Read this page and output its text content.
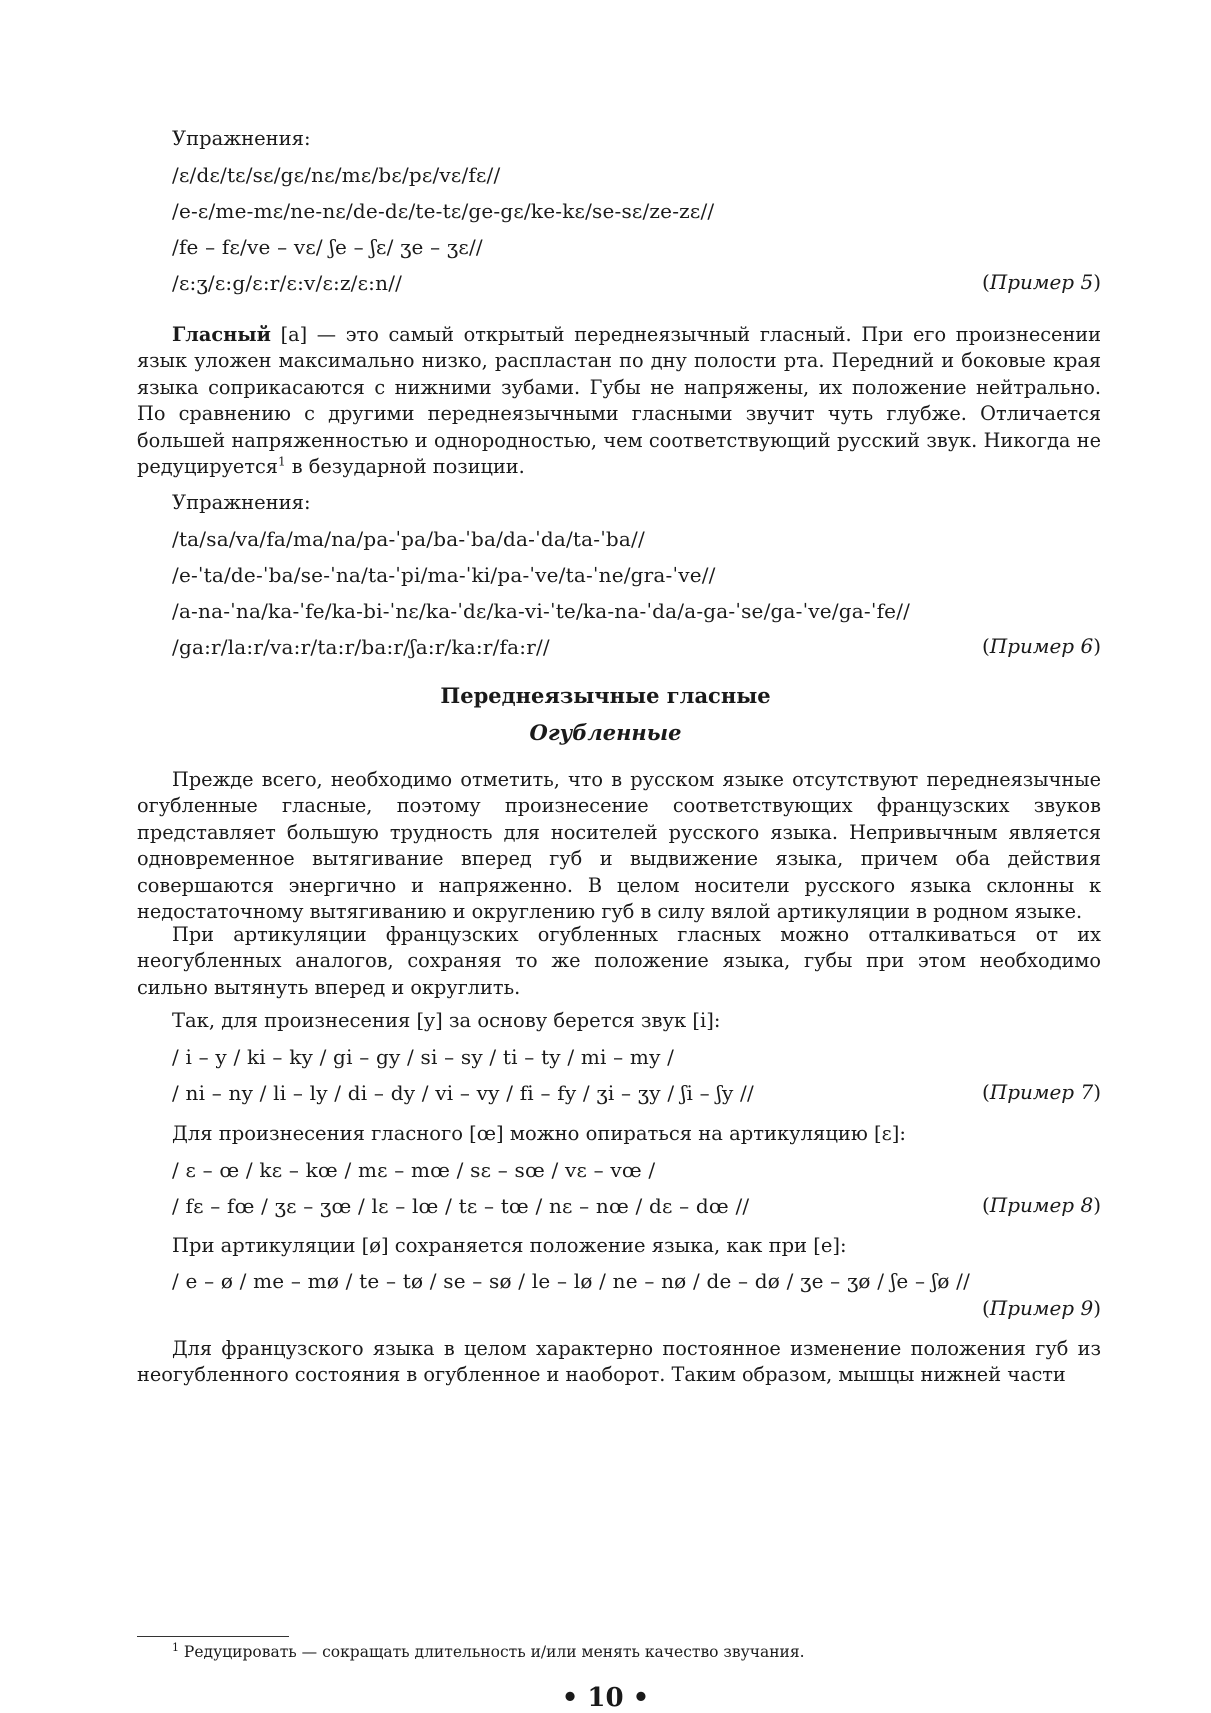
Упражнения:
/ɛ/dɛ/tɛ/sɛ/gɛ/nɛ/mɛ/bɛ/pɛ/vɛ/fɛ//
/e-ɛ/me-mɛ/ne-nɛ/de-dɛ/te-tɛ/ge-gɛ/ke-kɛ/se-sɛ/ze-zɛ//
/fe – fɛ/ve – vɛ/ ʃe – ʃɛ/ ʒe – ʒɛ//
/ɛ:ʒ/ɛ:g/ɛ:r/ɛ:v/ɛ:z/ɛ:n//	(Пример 5)

Гласный [a] — это самый открытый переднеязычный гласный. При его произнесении язык уложен максимально низко, распластан по дну полости рта. Передний и боковые края языка соприкасаются с нижними зубами. Губы не напряжены, их положение нейтрально. По сравнению с другими переднеязычными гласными звучит чуть глубже. Отличается большей напряженностью и однородностью, чем соответствующий русский звук. Никогда не редуцируется$^1$ в безударной позиции.

Упражнения:
/ta/sa/va/fa/ma/na/pa-ˈpa/ba-ˈba/da-ˈda/ta-ˈba//
/e-ˈta/de-ˈba/se-ˈna/ta-ˈpi/ma-ˈki/pa-ˈve/ta-ˈne/gra-ˈve//
/a-na-ˈna/ka-ˈfe/ka-bi-ˈnɛ/ka-ˈdɛ/ka-vi-ˈte/ka-na-ˈda/a-ga-ˈse/ga-ˈve/ga-ˈfe//
/ga:r/la:r/va:r/ta:r/ba:r/ʃa:r/ka:r/fa:r//	(Пример 6)
Переднеязычные гласные
Огубленные

Прежде всего, необходимо отметить, что в русском языке отсутствуют переднеязычные огубленные гласные, поэтому произнесение соответствующих французских звуков представляет большую трудность для носителей русского языка. Непривычным является одновременное вытягивание вперед губ и выдвижение языка, причем оба действия совершаются энергично и напряженно. В целом носители русского языка склонны к недостаточному вытягиванию и округлению губ в силу вялой артикуляции в родном языке.

При артикуляции французских огубленных гласных можно отталкиваться от их неогубленных аналогов, сохраняя то же положение языка, губы при этом необходимо сильно вытянуть вперед и округлить.

Так, для произнесения [y] за основу берется звук [i]:
/ i – y / ki – ky / gi – gy / si – sy / ti – ty / mi – my /
/ ni – ny / li – ly / di – dy / vi – vy / fi – fy / ʒi – ʒy / ʃi – ʃy //	(Пример 7)
Для произнесения гласного [œ] можно опираться на артикуляцию [ɛ]:
/ ɛ – œ / kɛ – kœ / mɛ – mœ / sɛ – sœ / vɛ – vœ /
/ fɛ – fœ / ʒɛ – ʒœ / lɛ – lœ / tɛ – tœ / nɛ – nœ / dɛ – dœ //	(Пример 8)
При артикуляции [ø] сохраняется положение языка, как при [e]:
/ e – ø / me – mø / te – tø / se – sø / le – lø / ne – nø / de – dø / ʒe – ʒø / ʃe – ʃø //
(Пример 9)

Для французского языка в целом характерно постоянное изменение положения губ из неогубленного состояния в огубленное и наоборот. Таким образом, мышцы нижней части

$^1$ Редуцировать — сокращать длительность и/или менять качество звучания.
• 10 •
